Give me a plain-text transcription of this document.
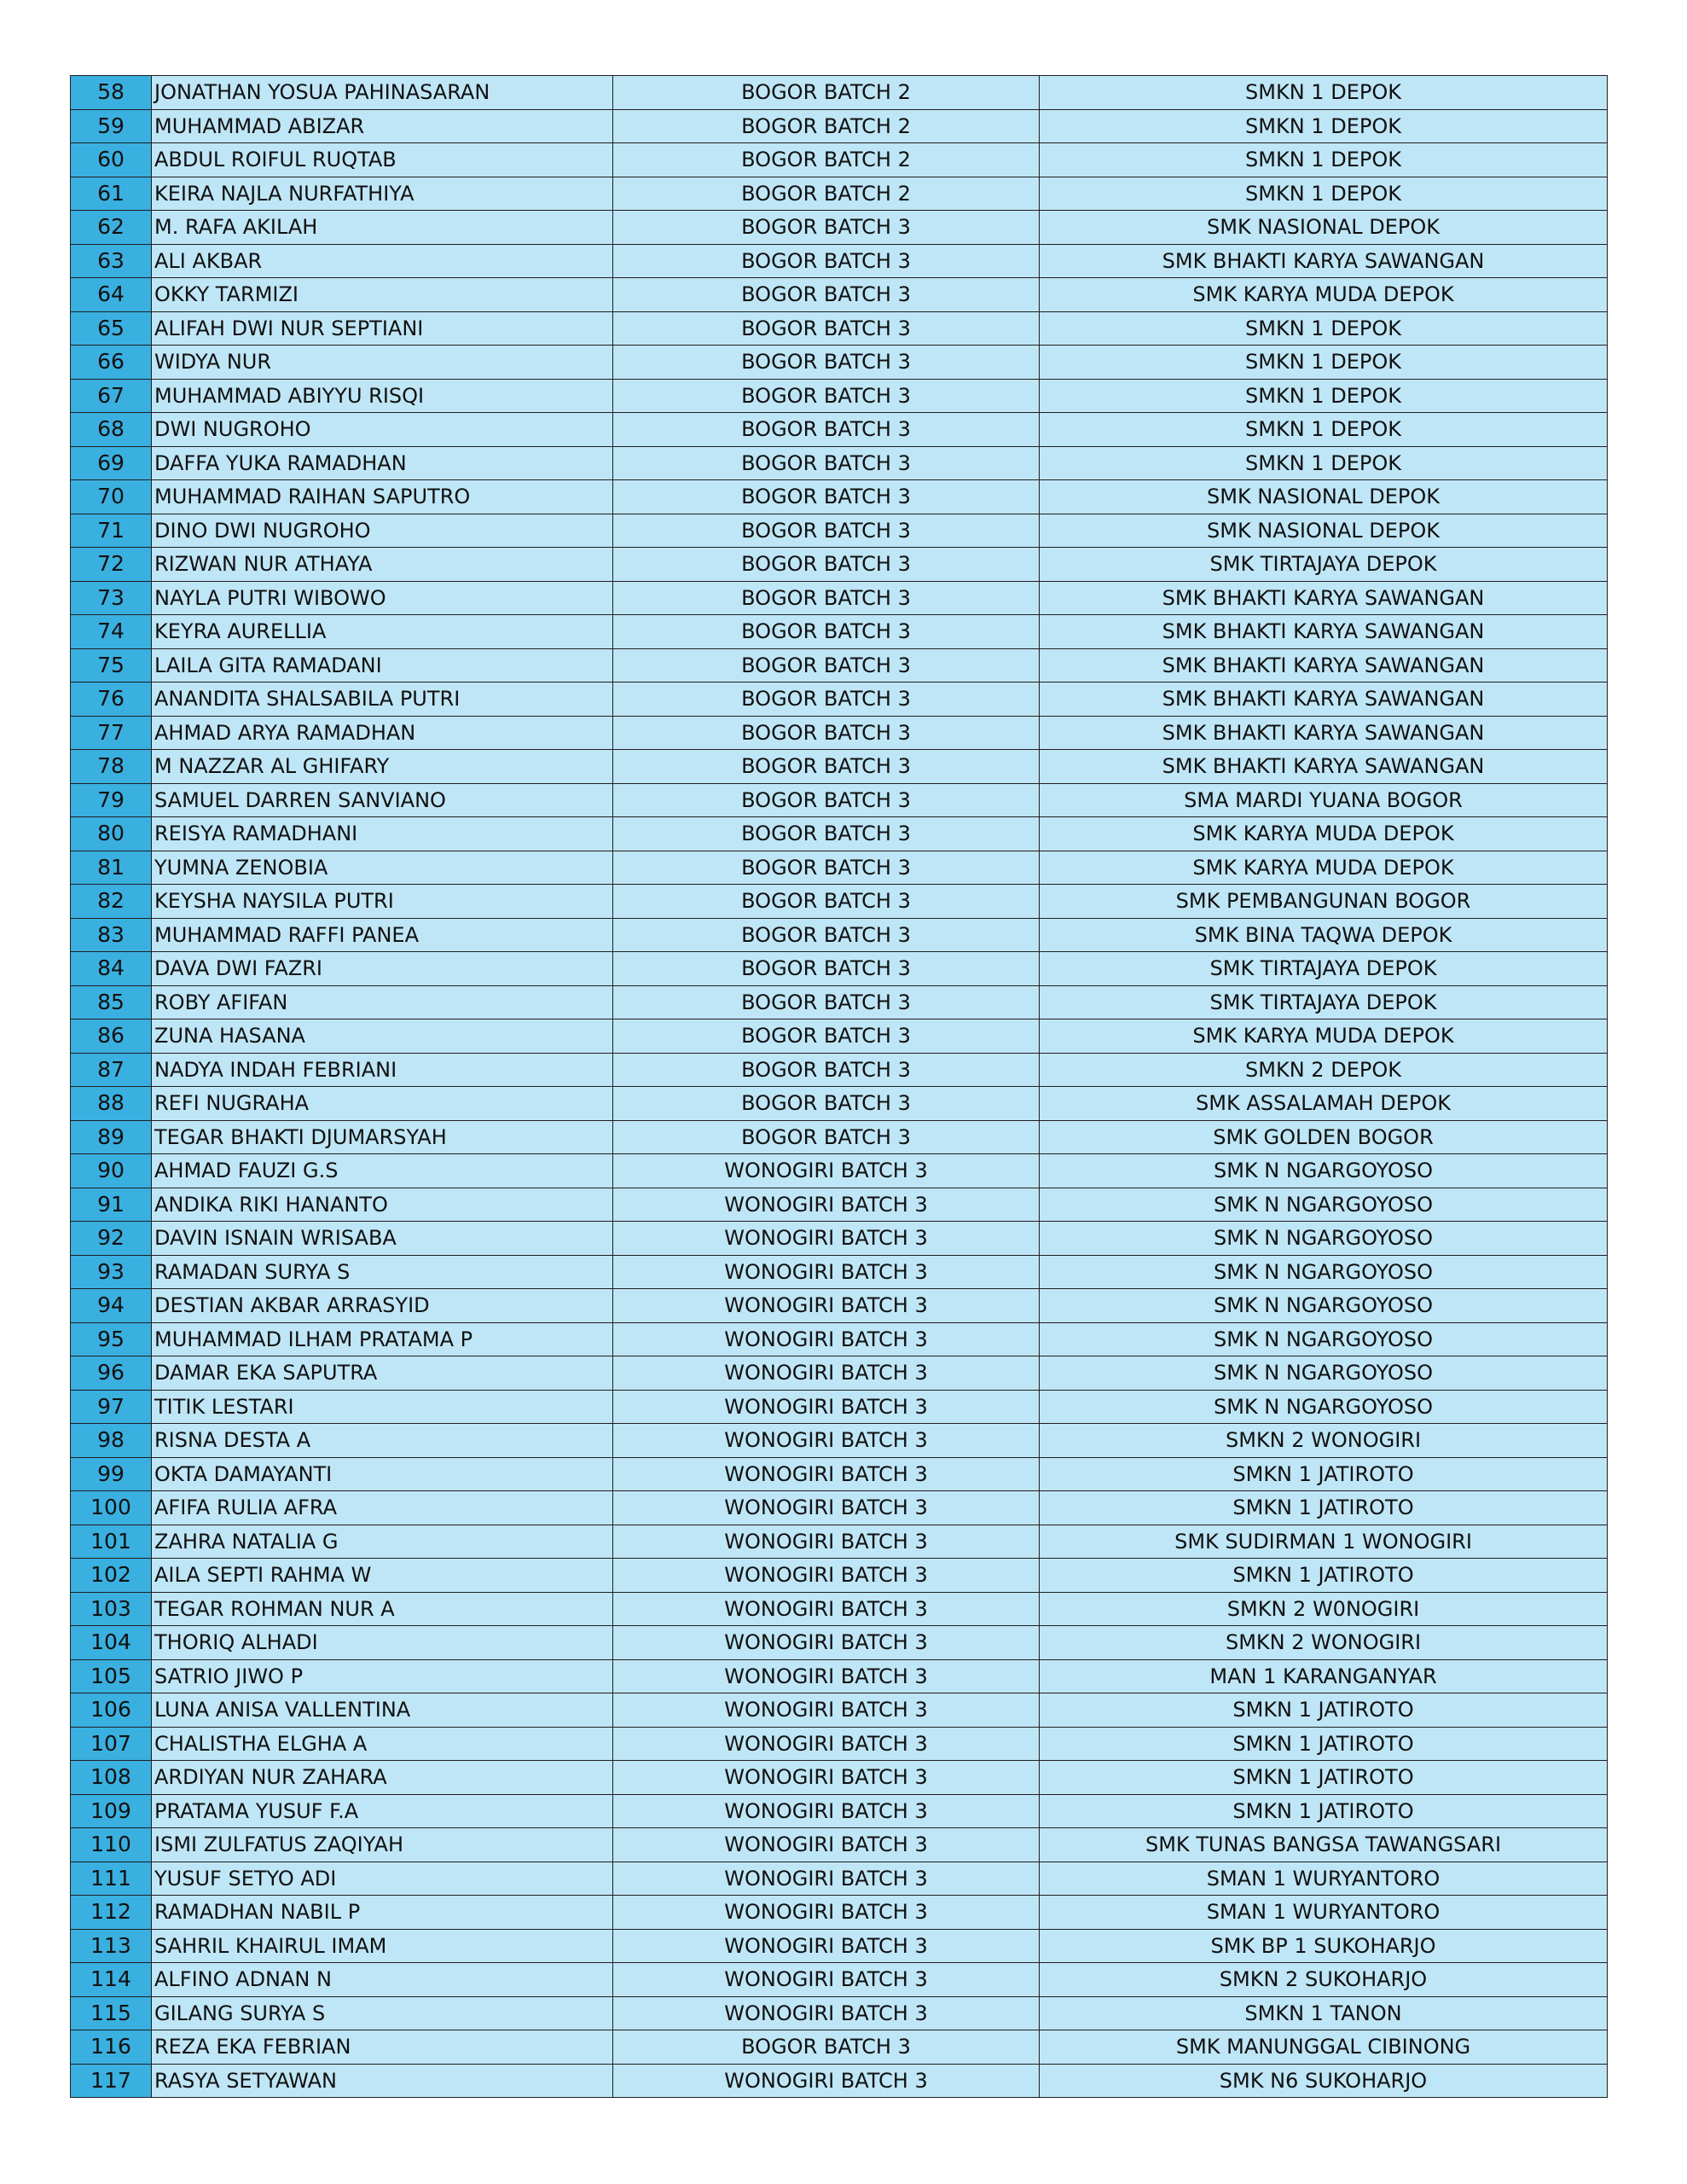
58	JONATHAN YOSUA PAHINASARAN	BOGOR BATCH 2	SMKN 1 DEPOK
59	MUHAMMAD ABIZAR	BOGOR BATCH 2	SMKN 1 DEPOK
60	ABDUL ROIFUL RUQTAB	BOGOR BATCH 2	SMKN 1 DEPOK
61	KEIRA NAJLA NURFATHIYA	BOGOR BATCH 2	SMKN 1 DEPOK
62	M. RAFA AKILAH	BOGOR BATCH 3	SMK NASIONAL DEPOK
63	ALI AKBAR	BOGOR BATCH 3	SMK BHAKTI KARYA SAWANGAN
64	OKKY TARMIZI	BOGOR BATCH 3	SMK KARYA MUDA DEPOK
65	ALIFAH DWI NUR SEPTIANI	BOGOR BATCH 3	SMKN 1 DEPOK
66	WIDYA NUR	BOGOR BATCH 3	SMKN 1 DEPOK
67	MUHAMMAD ABIYYU RISQI	BOGOR BATCH 3	SMKN 1 DEPOK
68	DWI NUGROHO	BOGOR BATCH 3	SMKN 1 DEPOK
69	DAFFA YUKA RAMADHAN	BOGOR BATCH 3	SMKN 1 DEPOK
70	MUHAMMAD RAIHAN SAPUTRO	BOGOR BATCH 3	SMK NASIONAL DEPOK
71	DINO DWI NUGROHO	BOGOR BATCH 3	SMK NASIONAL DEPOK
72	RIZWAN NUR ATHAYA	BOGOR BATCH 3	SMK TIRTAJAYA DEPOK
73	NAYLA PUTRI WIBOWO	BOGOR BATCH 3	SMK BHAKTI KARYA SAWANGAN
74	KEYRA AURELLIA	BOGOR BATCH 3	SMK BHAKTI KARYA SAWANGAN
75	LAILA GITA RAMADANI	BOGOR BATCH 3	SMK BHAKTI KARYA SAWANGAN
76	ANANDITA SHALSABILA PUTRI	BOGOR BATCH 3	SMK BHAKTI KARYA SAWANGAN
77	AHMAD ARYA RAMADHAN	BOGOR BATCH 3	SMK BHAKTI KARYA SAWANGAN
78	M NAZZAR AL GHIFARY	BOGOR BATCH 3	SMK BHAKTI KARYA SAWANGAN
79	SAMUEL DARREN SANVIANO	BOGOR BATCH 3	SMA MARDI YUANA BOGOR
80	REISYA RAMADHANI	BOGOR BATCH 3	SMK KARYA MUDA DEPOK
81	YUMNA ZENOBIA	BOGOR BATCH 3	SMK KARYA MUDA DEPOK
82	KEYSHA NAYSILA PUTRI	BOGOR BATCH 3	SMK PEMBANGUNAN BOGOR
83	MUHAMMAD RAFFI PANEA	BOGOR BATCH 3	SMK BINA TAQWA DEPOK
84	DAVA DWI FAZRI	BOGOR BATCH 3	SMK TIRTAJAYA DEPOK
85	ROBY AFIFAN	BOGOR BATCH 3	SMK TIRTAJAYA DEPOK
86	ZUNA HASANA	BOGOR BATCH 3	SMK KARYA MUDA DEPOK
87	NADYA INDAH FEBRIANI	BOGOR BATCH 3	SMKN 2 DEPOK
88	REFI NUGRAHA	BOGOR BATCH 3	SMK ASSALAMAH DEPOK
89	TEGAR BHAKTI DJUMARSYAH	BOGOR BATCH 3	SMK GOLDEN BOGOR
90	AHMAD FAUZI G.S	WONOGIRI BATCH 3	SMK N NGARGOYOSO
91	ANDIKA RIKI HANANTO	WONOGIRI BATCH 3	SMK N NGARGOYOSO
92	DAVIN ISNAIN WRISABA	WONOGIRI BATCH 3	SMK N NGARGOYOSO
93	RAMADAN SURYA S	WONOGIRI BATCH 3	SMK N NGARGOYOSO
94	DESTIAN AKBAR ARRASYID	WONOGIRI BATCH 3	SMK N NGARGOYOSO
95	MUHAMMAD ILHAM PRATAMA P	WONOGIRI BATCH 3	SMK N NGARGOYOSO
96	DAMAR EKA SAPUTRA	WONOGIRI BATCH 3	SMK N NGARGOYOSO
97	TITIK LESTARI	WONOGIRI BATCH 3	SMK N NGARGOYOSO
98	RISNA DESTA A	WONOGIRI BATCH 3	SMKN 2 WONOGIRI
99	OKTA DAMAYANTI	WONOGIRI BATCH 3	SMKN 1 JATIROTO
100	AFIFA RULIA AFRA	WONOGIRI BATCH 3	SMKN 1 JATIROTO
101	ZAHRA NATALIA G	WONOGIRI BATCH 3	SMK SUDIRMAN 1 WONOGIRI
102	AILA SEPTI RAHMA W	WONOGIRI BATCH 3	SMKN 1 JATIROTO
103	TEGAR ROHMAN NUR A	WONOGIRI BATCH 3	SMKN 2 W0NOGIRI
104	THORIQ ALHADI	WONOGIRI BATCH 3	SMKN 2 WONOGIRI
105	SATRIO JIWO P	WONOGIRI BATCH 3	MAN 1 KARANGANYAR
106	LUNA ANISA VALLENTINA	WONOGIRI BATCH 3	SMKN 1 JATIROTO
107	CHALISTHA ELGHA A	WONOGIRI BATCH 3	SMKN 1 JATIROTO
108	ARDIYAN NUR ZAHARA	WONOGIRI BATCH 3	SMKN 1 JATIROTO
109	PRATAMA YUSUF F.A	WONOGIRI BATCH 3	SMKN 1 JATIROTO
110	ISMI ZULFATUS ZAQIYAH	WONOGIRI BATCH 3	SMK TUNAS BANGSA TAWANGSARI
111	YUSUF SETYO ADI	WONOGIRI BATCH 3	SMAN 1 WURYANTORO
112	RAMADHAN NABIL P	WONOGIRI BATCH 3	SMAN 1 WURYANTORO
113	SAHRIL KHAIRUL IMAM	WONOGIRI BATCH 3	SMK BP 1 SUKOHARJO
114	ALFINO ADNAN N	WONOGIRI BATCH 3	SMKN 2 SUKOHARJO
115	GILANG SURYA S	WONOGIRI BATCH 3	SMKN 1 TANON
116	REZA EKA FEBRIAN	BOGOR BATCH 3	SMK MANUNGGAL CIBINONG
117	RASYA SETYAWAN	WONOGIRI BATCH 3	SMK N6 SUKOHARJO
